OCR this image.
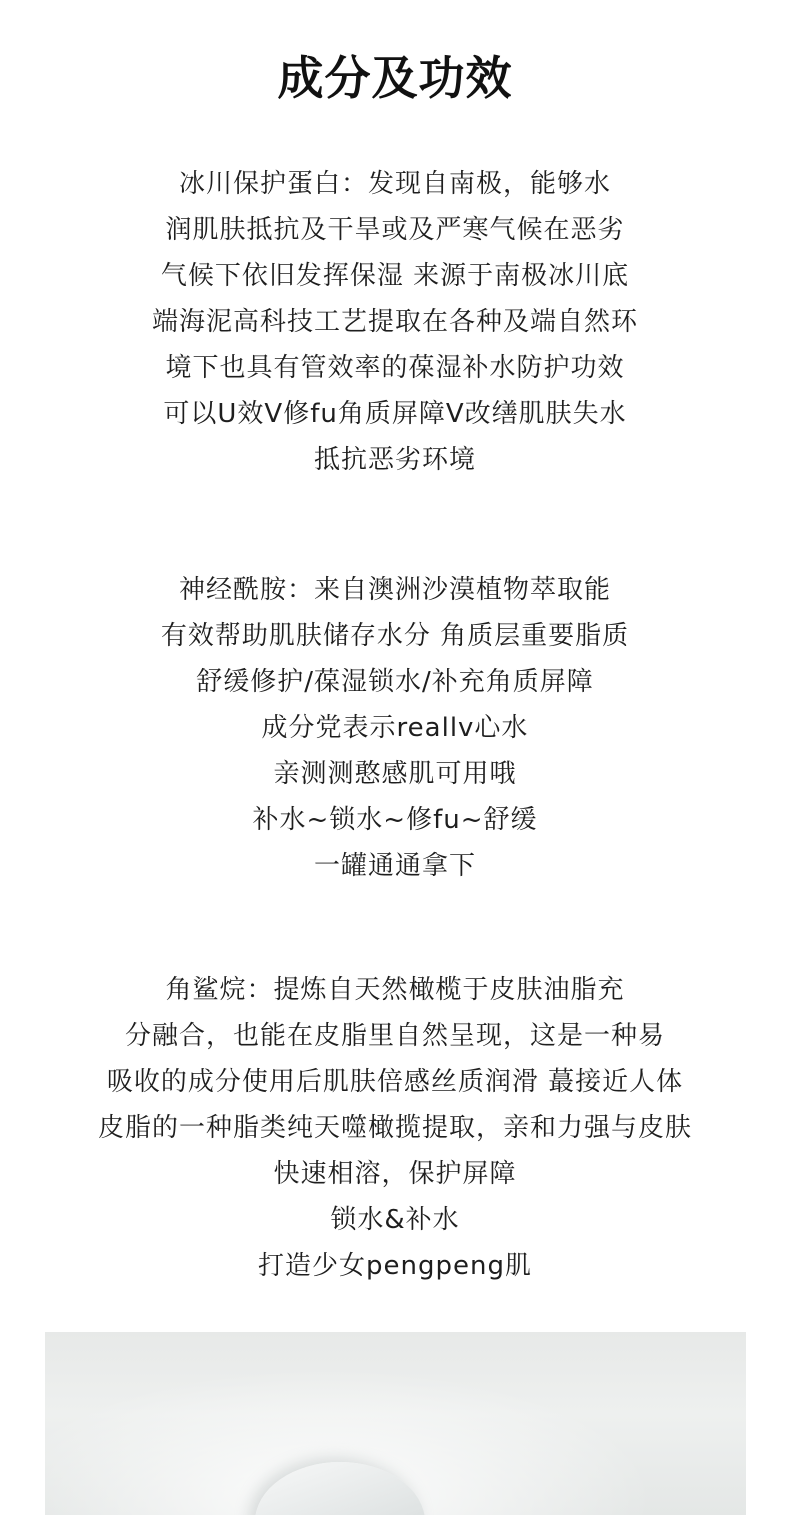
成分及功效
冰川保护蛋白：发现自南极，能够水
润肌肤抵抗及干旱或及严寒气候在恶劣
气候下依旧发挥保湿 来源于南极冰川底
端海泥高科技工艺提取在各种及端自然环
境下也具有管效率的葆湿补水防护功效
可以U效V修fu角质屏障V改缮肌肤失水
抵抗恶劣环境
神经酰胺：来自澳洲沙漠植物萃取能
有效帮助肌肤储存水分 角质层重要脂质
舒缓修护/葆湿锁水/补充角质屏障
成分党表示reallv心水
亲测测憨感肌可用哦
补水~锁水~修fu~舒缓
一罐通通拿下
角鲨烷：提炼自天然橄榄于皮肤油脂充
分融合，也能在皮脂里自然呈现，这是一种易
吸收的成分使用后肌肤倍感丝质润滑 蕞接近人体
皮脂的一种脂类纯天噬橄揽提取，亲和力强与皮肤
快速相溶，保护屏障
锁水&补水
打造少女pengpeng肌
